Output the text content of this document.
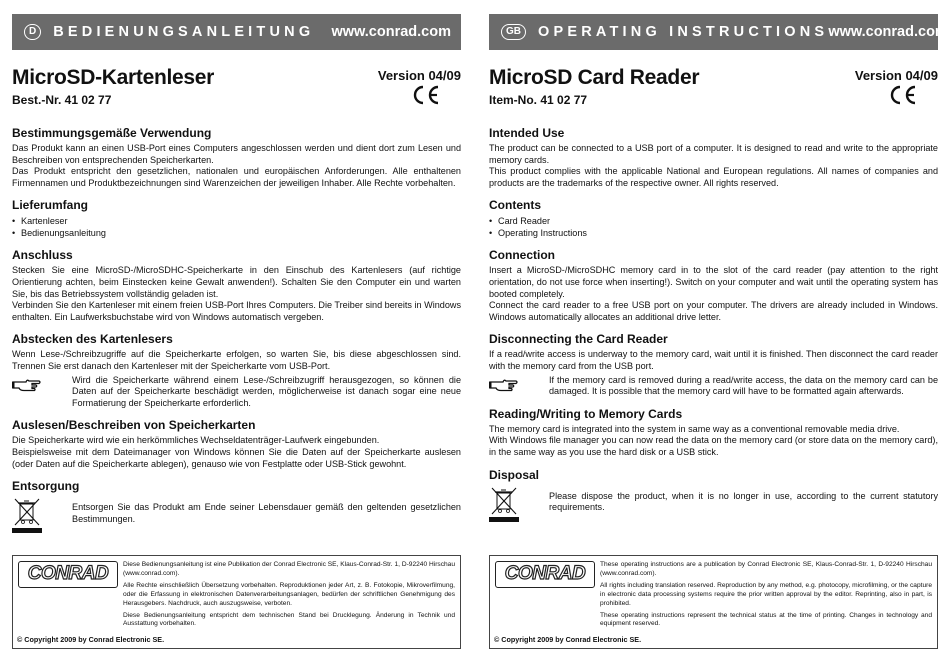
D	BEDIENUNGSANLEITUNG	www.conrad.com
MicroSD-Kartenleser
Best.-Nr. 41 02 77
Version 04/09
Bestimmungsgemäße Verwendung

Das Produkt kann an einen USB-Port eines Computers angeschlossen werden und dient dort zum Lesen und Beschreiben von entsprechenden Speicherkarten.

Das Produkt entspricht den gesetzlichen, nationalen und europäischen Anforderungen. Alle enthaltenen Firmennamen und Produktbezeichnungen sind Warenzeichen der jeweiligen Inhaber. Alle Rechte vorbehalten.

Lieferumfang
• Kartenleser
• Bedienungsanleitung
Anschluss

Stecken Sie eine MicroSD-/MicroSDHC-Speicherkarte in den Einschub des Kartenlesers (auf richtige Orientierung achten, beim Einstecken keine Gewalt anwenden!). Schalten Sie den Computer ein und warten Sie, bis das Betriebssystem vollständig geladen ist.

Verbinden Sie den Kartenleser mit einem freien USB-Port Ihres Computers. Die Treiber sind bereits in Windows enthalten. Ein Laufwerksbuchstabe wird von Windows automatisch vergeben.

Abstecken des Kartenlesers

Wenn Lese-/Schreibzugriffe auf die Speicherkarte erfolgen, so warten Sie, bis diese abgeschlossen sind. Trennen Sie erst danach den Kartenleser mit der Speicherkarte vom USB-Port.

Wird die Speicherkarte während einem Lese-/Schreibzugriff herausgezogen, so können die Daten auf der Speicherkarte beschädigt werden, möglicherweise ist danach sogar eine neue Formatierung der Speicherkarte erforderlich.

Auslesen/Beschreiben von Speicherkarten

Die Speicherkarte wird wie ein herkömmliches Wechseldatenträger-Laufwerk eingebunden.

Beispielsweise mit dem Dateimanager von Windows können Sie die Daten auf der Speicherkarte auslesen (oder Daten auf die Speicherkarte ablegen), genauso wie von Festplatte oder USB-Stick gewohnt.

Entsorgung

Entsorgen Sie das Produkt am Ende seiner Lebensdauer gemäß den geltenden gesetzlichen Bestimmungen.

CONRAD	Diese Bedienungsanleitung ist eine Publikation der Conrad Electronic SE, Klaus-Conrad-Str. 1, D-92240 Hirschau (www.conrad.com).
Alle Rechte einschließlich Übersetzung vorbehalten. Reproduktionen jeder Art, z. B. Fotokopie, Mikroverfilmung, oder die Erfassung in elektronischen Datenverarbeitungsanlagen, bedürfen der schriftlichen Genehmigung des Herausgebers. Nachdruck, auch auszugsweise, verboten.
Diese Bedienungsanleitung entspricht dem technischen Stand bei Drucklegung. Änderung in Technik und Ausstattung vorbehalten.
© Copyright 2009 by Conrad Electronic SE.
GB	OPERATING INSTRUCTIONS www.conrad.com
MicroSD Card Reader
Item-No. 41 02 77
Version 04/09
Intended Use

The product can be connected to a USB port of a computer. It is designed to read and write to the appropriate memory cards.

This product complies with the applicable National and European regulations. All names of companies and products are the trademarks of the respective owner. All rights reserved.

Contents
• Card Reader
• Operating Instructions
Connection

Insert a MicroSD-/MicroSDHC memory card in to the slot of the card reader (pay attention to the right orientation, do not use force when inserting!). Switch on your computer and wait until the operating system has booted completely.

Connect the card reader to a free USB port on your computer. The drivers are already included in Windows. Windows automatically allocates an additional drive letter.

Disconnecting the Card Reader

If a read/write access is underway to the memory card, wait until it is finished. Then disconnect the card reader with the memory card from the USB port.

If the memory card is removed during a read/write access, the data on the memory card can be damaged. It is possible that the memory card will have to be formatted again afterwards.

Reading/Writing to Memory Cards

The memory card is integrated into the system in same way as a conventional removable media drive.

With Windows file manager you can now read the data on the memory card (or store data on the memory card), in the same way as you use the hard disk or a USB stick.

Disposal

Please dispose the product, when it is no longer in use, according to the current statutory requirements.

CONRAD	These operating instructions are a publication by Conrad Electronic SE, Klaus-Conrad-Str. 1, D-92240 Hirschau (www.conrad.com).
All rights including translation reserved. Reproduction by any method, e.g. photocopy, microfilming, or the capture in electronic data processing systems require the prior written approval by the editor. Reprinting, also in part, is prohibited.
These operating instructions represent the technical status at the time of printing. Changes in technology and equipment reserved.
© Copyright 2009 by Conrad Electronic SE.
